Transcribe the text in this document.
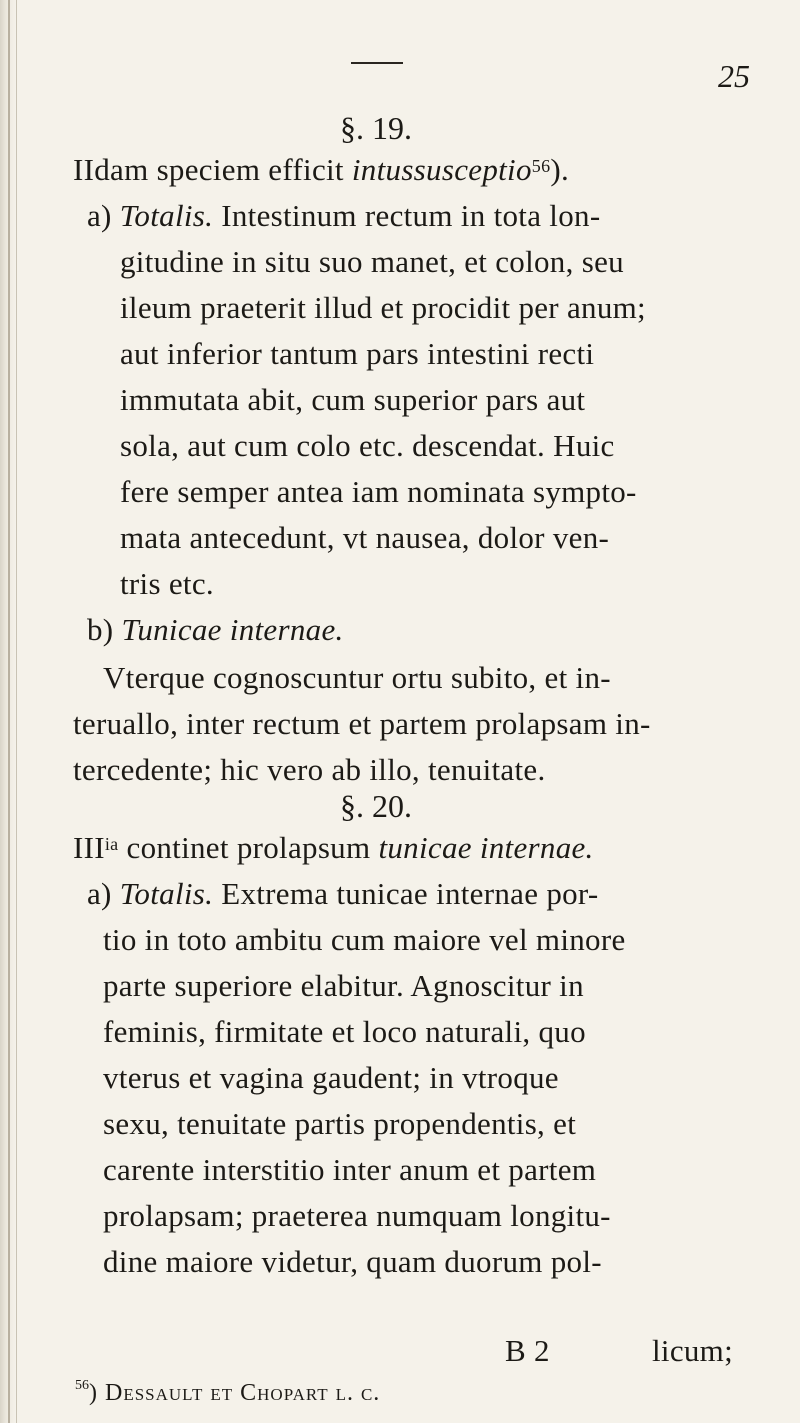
25
§. 19.
IIdam speciem efficit intussusceptio$^{56}$).
a) Totalis. Intestinum rectum in tota lon-
gitudine in situ suo manet, et colon, seu
ileum praeterit illud et procidit per anum;
aut inferior tantum pars intestini recti
immutata abit, cum superior pars aut
sola, aut cum colo etc. descendat. Huic
fere semper antea iam nominata sympto-
mata antecedunt, vt nausea, dolor ven-
tris etc.
b) Tunicae internae.
Vterque cognoscuntur ortu subito, et in-
teruallo, inter rectum et partem prolapsam in-
tercedente; hic vero ab illo, tenuitate.
§. 20.
$III^{ia}$ continet prolapsum tunicae internae.
a) Totalis. Extrema tunicae internae por-
tio in toto ambitu cum maiore vel minore
parte superiore elabitur. Agnoscitur in
feminis, firmitate et loco naturali, quo
vterus et vagina gaudent; in vtroque
sexu, tenuitate partis propendentis, et
carente interstitio inter anum et partem
prolapsam; praeterea numquam longitu-
dine maiore videtur, quam duorum pol-
B 2	licum;
$^{56}$) Dessault et Chopart l. c.
